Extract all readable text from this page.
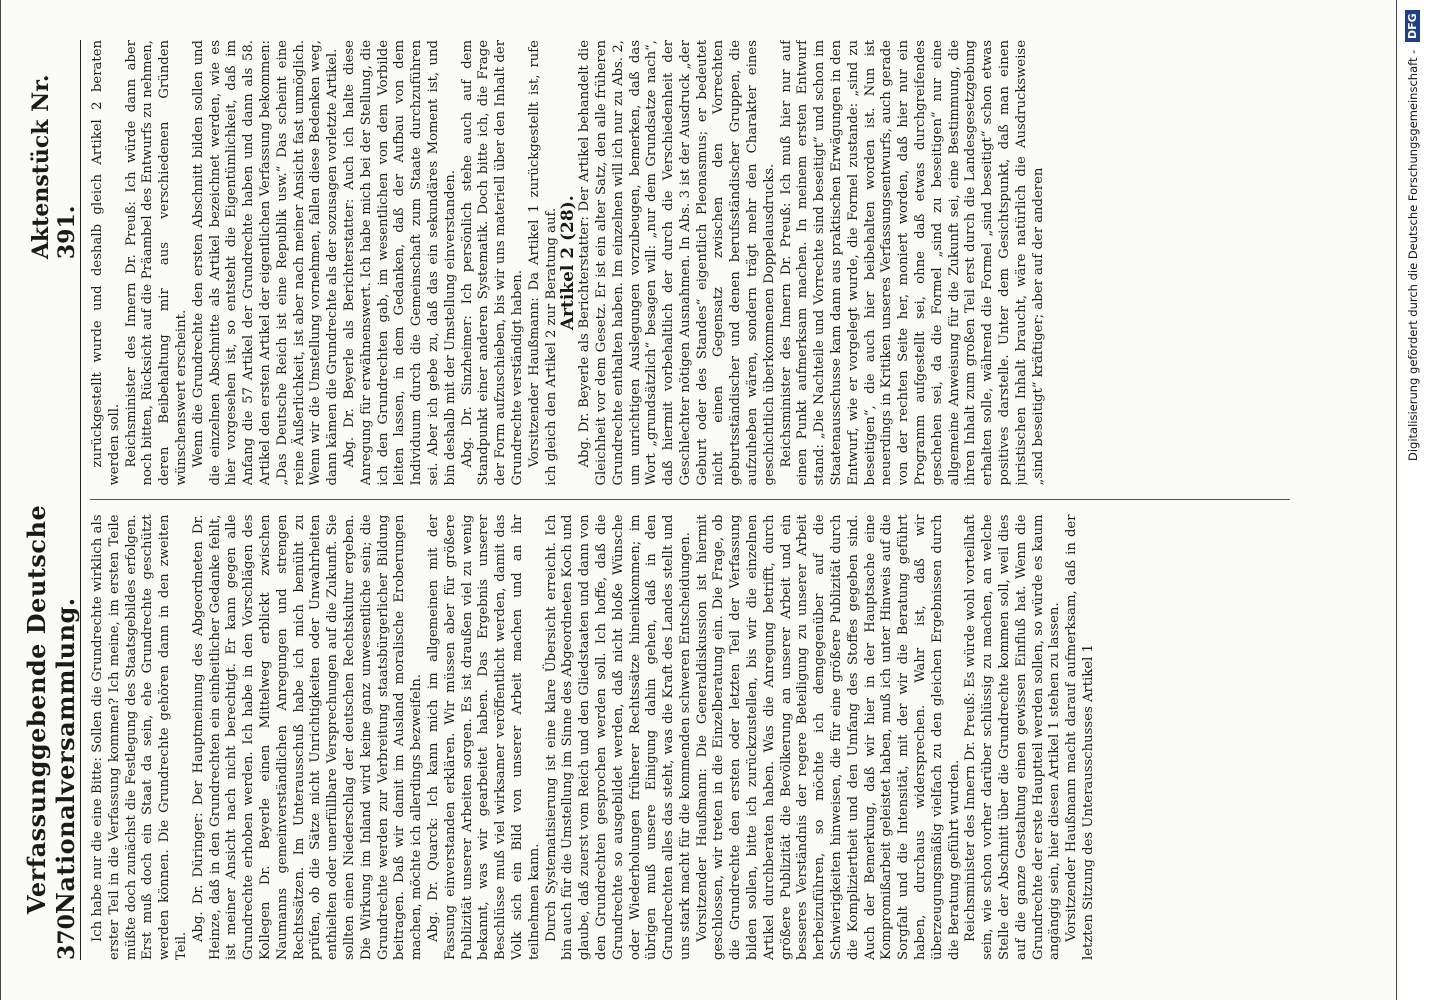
370
Verfassunggebende Deutsche Nationalversammlung.
Aktenstück Nr. 391.

Ich habe nur die eine Bitte: Sollen die Grundrechte wirklich als erster Teil in die Verfassung kommen? Ich meine, im ersten Teile müßte doch zunächst die Festlegung des Staatsgebildes erfolgen. Erst muß doch ein Staat da sein, ehe Grundrechte geschützt werden können. Die Grundrechte gehören dann in den zweiten Teil.

Abg. Dr. Düringer: Der Hauptmeinung des Abgeordneten Dr. Heinze, daß in den Grundrechten ein einheitlicher Gedanke fehlt, ist meiner Ansicht nach nicht berechtigt. Er kann gegen alle Grundrechte erhoben werden. Ich habe in den Vorschlägen des Kollegen Dr. Beyerle einen Mittelweg erblickt zwischen Naumanns gemeinverständlichen Anregungen und strengen Rechtssätzen. Im Unterausschuß habe ich mich bemüht zu prüfen, ob die Sätze nicht Unrichtigkeiten oder Unwahrheiten enthielten oder unerfüllbare Versprechungen auf die Zukunft. Sie sollten einen Niederschlag der deutschen Rechtskultur ergeben. Die Wirkung im Inland wird keine ganz unwesentliche sein; die Grundrechte werden zur Verbreitung staatsbürgerlicher Bildung beitragen. Daß wir damit im Ausland moralische Eroberungen machen, möchte ich allerdings bezweifeln. Abg. Dr. Quarck: Ich kann mich im allgemeinen mit der Fassung einverstanden erklären. Wir müssen aber für größere Publizität unserer Arbeiten sorgen. Es ist draußen viel zu wenig bekannt, was wir gearbeitet haben. Das Ergebnis unserer Beschlüsse muß viel wirksamer veröffentlicht werden, damit das Volk sich ein Bild von unserer Arbeit machen und an ihr teilnehmen kann. Durch Systematisierung ist eine klare Übersicht erreicht. Ich bin auch für die Umstellung im Sinne des Abgeordneten Koch und glaube, daß zuerst vom Reich und den Gliedstaaten und dann von den Grundrechten gesprochen werden soll. Ich hoffe, daß die Grundrechte so ausgebildet werden, daß nicht bloße Wünsche oder Wiederholungen früherer Rechtssätze hineinkommen; im übrigen muß unsere Einigung dahin gehen, daß in den Grundrechten alles das steht, was die Kraft des Landes stellt und uns stark macht für die kommenden schweren Entscheidungen. Vorsitzender Haußmann: Die Generaldiskussion ist hiermit geschlossen, wir treten in die Einzelberatung ein. Die Frage, ob die Grundrechte den ersten oder letzten Teil der Verfassung bilden sollen, bitte ich zurückzustellen, bis wir die einzelnen Artikel durchberaten haben. Was die Anregung betrifft, durch größere Publizität die Bevölkerung an unserer Arbeit und ein besseres Verständnis der regere Beteiligung zu unserer Arbeit herbeizuführen, so möchte ich demgegenüber auf die Schwierigkeiten hinweisen, die für eine größere Publizität durch die Kompliziertheit und den Umfang des Stoffes gegeben sind. Auch der Bemerkung, daß wir hier in der Hauptsache eine Kompromißarbeit geleistet haben, muß ich unter Hinweis auf die Sorgfalt und die Intensität, mit der wir die Beratung geführt haben, durchaus widersprechen. Wahr ist, daß wir überzeugungsmäßig vielfach zu den gleichen Ergebnissen durch die Beratung geführt wurden. Reichsminister des Innern Dr. Preuß: Es würde wohl vorteilhaft sein, wie schon vorher darüber schlüssig zu machen, an welche Stelle der Abschnitt über die Grundrechte kommen soll, weil dies auf die ganze Gestaltung einen gewissen Einfluß hat. Wenn die Grundrechte der erste Hauptteil werden sollen, so würde es kaum angängig sein, hier diesen Artikel 1 stehen zu lassen. Vorsitzender Haußmann macht darauf aufmerksam, daß in der letzten Sitzung des Unterausschusses Artikel 1

zurückgestellt wurde und deshalb gleich Artikel 2 beraten werden soll. Reichsminister des Innern Dr. Preuß: Ich würde dann aber noch bitten, Rücksicht auf die Präambel des Entwurfs zu nehmen, deren Beibehaltung mir aus verschiedenen Gründen wünschenswert erscheint. Wenn die Grundrechte den ersten Abschnitt bilden sollen und die einzelnen Abschnitte als Artikel bezeichnet werden, wie es hier vorgesehen ist, so entsteht die Eigentümlichkeit, daß im Anfang die 57 Artikel der Grundrechte haben und dann als 58. Artikel den ersten Artikel der eigentlichen Verfassung bekommen: „Das Deutsche Reich ist eine Republik usw.“ Das scheint eine reine Äußerlichkeit, ist aber nach meiner Ansicht fast unmöglich. Wenn wir die Umstellung vornehmen, fallen diese Bedenken weg, dann kämen die Grundrechte als der sozusagen vorletzte Artikel. Abg. Dr. Beyerle als Berichterstatter: Auch ich halte diese Anregung für erwähnenswert. Ich habe mich bei der Stellung, die ich den Grundrechten gab, im wesentlichen von dem Vorbilde leiten lassen, in dem Gedanken, daß der Aufbau von dem Individuum durch die Gemeinschaft zum Staate durchzuführen sei. Aber ich gebe zu, daß das ein sekundäres Moment ist, und bin deshalb mit der Umstellung einverstanden. Abg. Dr. Sinzheimer: Ich persönlich stehe auch auf dem Standpunkt einer anderen Systematik. Doch bitte ich, die Frage der Form aufzuschieben, bis wir uns materiell über den Inhalt der Grundrechte verständigt haben. Vorsitzender Haußmann: Da Artikel 1 zurückgestellt ist, rufe ich gleich den Artikel 2 zur Beratung auf. Artikel 2 (28).

Abg. Dr. Beyerle als Berichterstatter: Der Artikel behandelt die Gleichheit vor dem Gesetz. Er ist ein alter Satz, den alle früheren Grundrechte enthalten haben. Im einzelnen will ich nur zu Abs. 2, um unrichtigen Auslegungen vorzubeugen, bemerken, daß das Wort „grundsätzlich“ besagen will: „nur dem Grundsatze nach“, daß hiermit vorbehaltlich der durch die Verschiedenheit der Geschlechter nötigen Ausnahmen. In Abs. 3 ist der Ausdruck „der Geburt oder des Standes“ eigentlich Pleonasmus; er bedeutet nicht einen Gegensatz zwischen den Vorrechten geburtsständischer und denen berufsständischer Gruppen, die aufzuheben wären, sondern trägt mehr den Charakter eines geschichtlich überkommenen Doppelausdrucks. Reichsminister des Innern Dr. Preuß: Ich muß hier nur auf einen Punkt aufmerksam machen. In meinem ersten Entwurf stand: „Die Nachteile und Vorrechte sind beseitigt“ und schon im Staatenausschusse kam dann aus praktischen Erwägungen in den Entwurf, wie er vorgelegt wurde, die Formel zustande: „sind zu beseitigen“, die auch hier beibehalten worden ist. Nun ist neuerdings in Kritiken unseres Verfassungsentwurfs, auch gerade von der rechten Seite her, moniert worden, daß hier nur ein Programm aufgestellt sei, ohne daß etwas durchgreifendes geschehen sei, da die Formel „sind zu beseitigen“ nur eine allgemeine Anweisung für die Zukunft sei, eine Bestimmung, die ihren Inhalt zum großen Teil erst durch die Landesgesetzgebung erhalten solle, während die Formel „sind beseitigt“ schon etwas positives darstelle. Unter dem Gesichtspunkt, daß man einen juristischen Inhalt braucht, wäre natürlich die Ausdrucksweise „sind beseitigt“ kräftiger; aber auf der anderen	Digitalisierung gefördert durch die Deutsche Forschungsgemeinschaft - DFG
